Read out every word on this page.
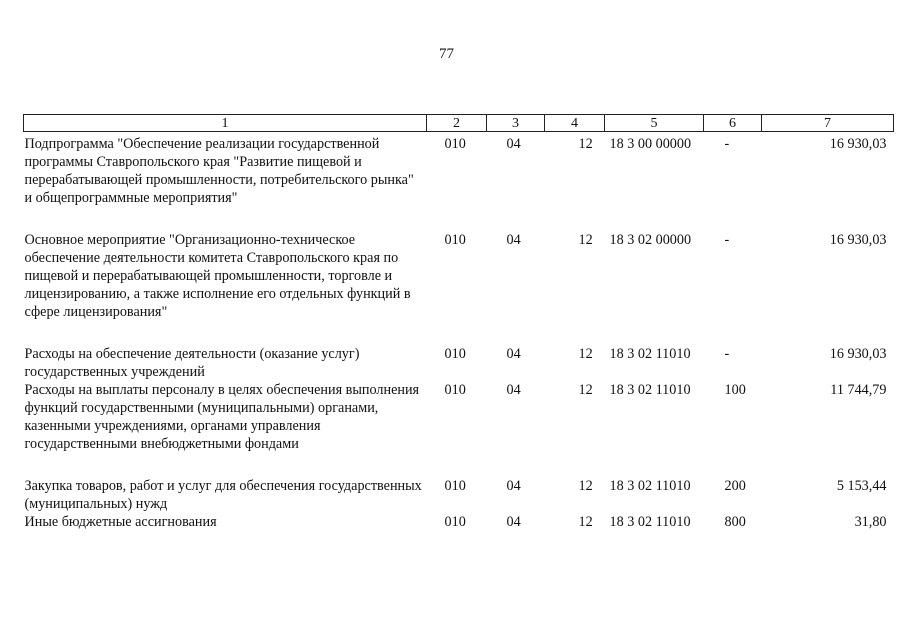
77
1	2	3	4	5	6	7
Подпрограмма "Обеспечение реализации государственной программы Ставропольского края "Развитие пищевой и перерабатывающей промышленности, потребительского рынка" и общепрограммные мероприятия"	010	04	12	18 3 00 00000	-	16 930,03
Основное мероприятие "Организационно-техническое обеспечение деятельности комитета Ставропольского края по пищевой и перерабатывающей промышленности, торговле и лицензированию, а также исполнение его отдельных функций в сфере лицензирования"	010	04	12	18 3 02 00000	-	16 930,03
Расходы на обеспечение деятельности (оказание услуг) государственных учреждений	010	04	12	18 3 02 11010	-	16 930,03
Расходы на выплаты персоналу в целях обеспечения выполнения функций государственными (муниципальными) органами, казенными учреждениями, органами управления государственными внебюджетными фондами	010	04	12	18 3 02 11010	100	11 744,79
Закупка товаров, работ и услуг для обеспечения государственных (муниципальных) нужд	010	04	12	18 3 02 11010	200	5 153,44
Иные бюджетные ассигнования	010	04	12	18 3 02 11010	800	31,80
